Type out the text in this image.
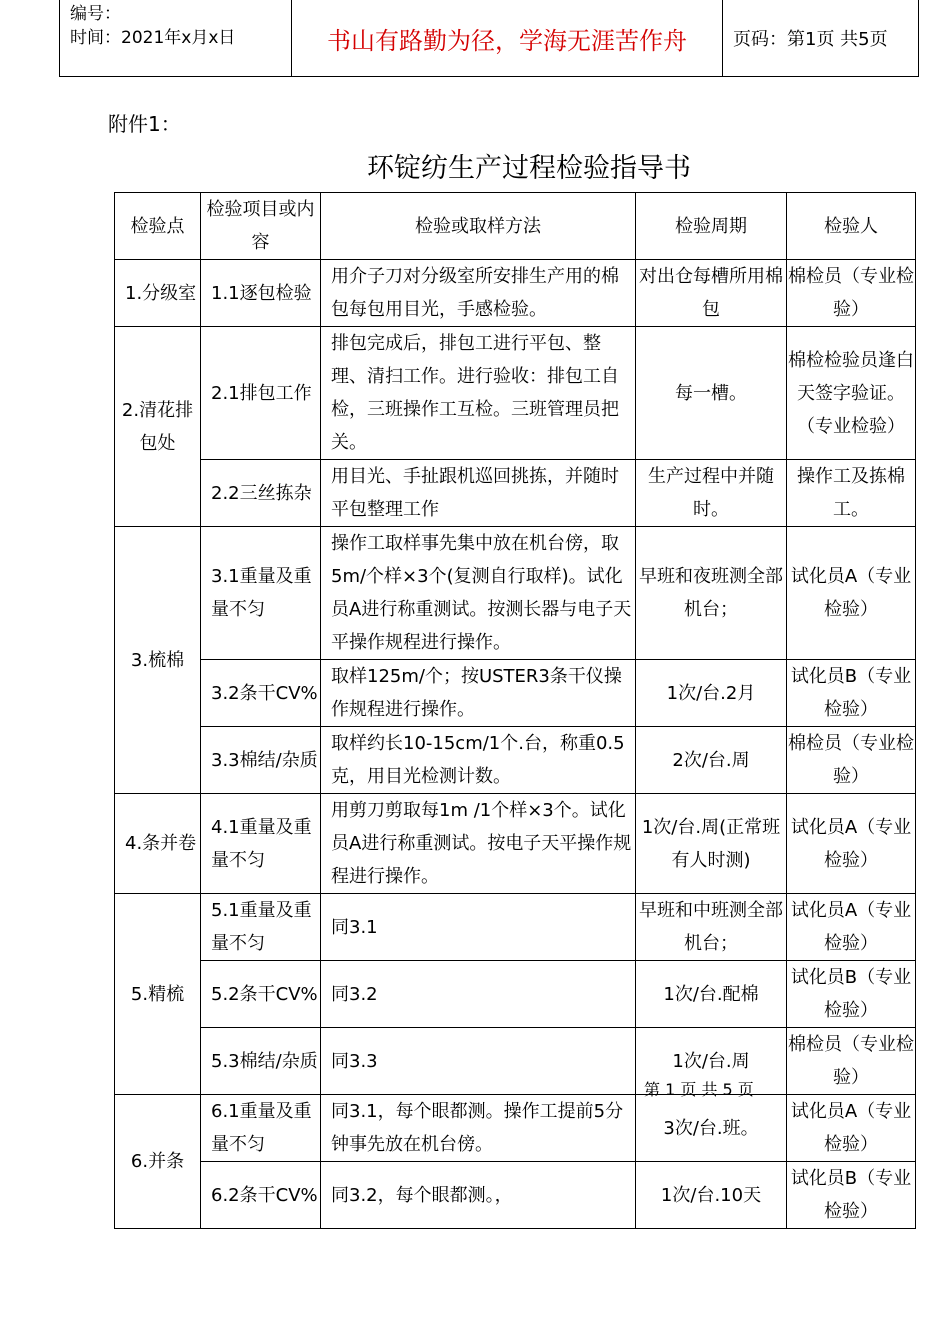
编号：
时间：2021年x月x日	书山有路勤为径，学海无涯苦作舟	页码：第1页 共5页
附件1：
环锭纺生产过程检验指导书
检验点	检验项目或内容	检验或取样方法	检验周期	检验人
1.分级室	1.1逐包检验	用介子刀对分级室所安排生产用的棉包每包用目光，手感检验。	对出仓每槽所用棉包	棉检员（专业检验）
2.清花排包处	2.1排包工作	排包完成后，排包工进行平包、整理、清扫工作。进行验收：排包工自检，三班操作工互检。三班管理员把关。	每一槽。	棉检检验员逢白天签字验证。（专业检验）
	2.2三丝拣杂	用目光、手扯跟机巡回挑拣，并随时平包整理工作	生产过程中并随时。	操作工及拣棉工。
3.梳棉	3.1重量及重量不匀	操作工取样事先集中放在机台傍，取5m/个样×3个(复测自行取样)。试化员A进行称重测试。按测长器与电子天平操作规程进行操作。	早班和夜班测全部机台；	试化员A（专业检验）
	3.2条干CV%	取样125m/个；按USTER3条干仪操作规程进行操作。	1次/台.2月	试化员B（专业检验）
	3.3棉结/杂质	取样约长10-15cm/1个.台，称重0.5克，用目光检测计数。	2次/台.周	棉检员（专业检验）
4.条并卷	4.1重量及重量不匀	用剪刀剪取每1m /1个样×3个。试化员A进行称重测试。按电子天平操作规程进行操作。	1次/台.周(正常班有人时测)	试化员A（专业检验）
5.精梳	5.1重量及重量不匀	同3.1	早班和中班测全部机台；	试化员A（专业检验）
	5.2条干CV%	同3.2	1次/台.配棉	试化员B（专业检验）
	5.3棉结/杂质	同3.3	1次/台.周	棉检员（专业检验）
6.并条	6.1重量及重量不匀	同3.1，每个眼都测。操作工提前5分钟事先放在机台傍。	3次/台.班。	试化员A（专业检验）
	6.2条干CV%	同3.2，每个眼都测。，	1次/台.10天	试化员B（专业检验）
第 1 页 共 5 页
